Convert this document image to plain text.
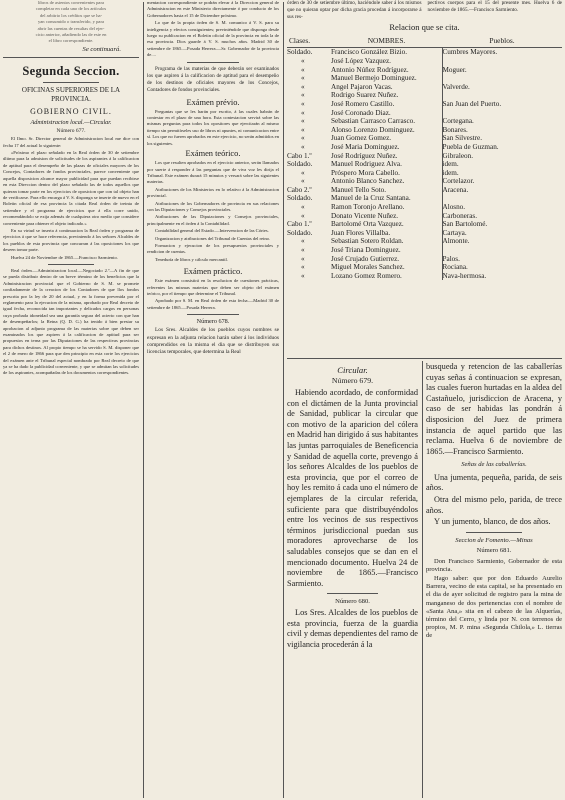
libros de asientos convenientes para
completar en cada uno de los artículos
del arbitrio los créditos que se ha-
yan consumido o transferido, y para
abrir las cuentas de resultas del ejer-
cicio anterior, añadiendo las de este en
el libro correspondiente.
Se continuará.
Segunda Seccion.
OFICINAS SUPERIORES DE LA PROVINCIA.
GOBIERNO CIVIL.
Administracion local.—Circular.
Número 677.

El Ilmo. Sr. Director general de Administracion local me dice con fecha 17 del actual lo siguiente:

«Próximo el plazo señalado en la Real órden de 30 de setiembre último para la admision de solicitudes de los aspirantes á la calificacion de aptitud para el desempeño de las plazas de oficiales mayores de los Concejos, Contadores de fondos provinciales, parece conveniente que aquella disposicion alcance mayor publicidad para que puedan recibirse en esta Direccion dentro del plazo señalado las de todos aquellos que quieran tomar parte en los ejercicios de oposicion que con tal objeto han de verificarse. Para ello encarga á V. S. disponga se inserte de nuevo en el Boletin oficial de esa provincia la citada Real órden de treinta de setiembre y el programa de ejercicios que á ella corre unido, recomendándolo se exija además de cualquiera otro medio que considere conveniente para obtener el objeto indicado.»

En su virtud se inserta á continuacion la Real órden y programa de ejercicios á que se hace referencia, previniendo á los señores Alcaldes de los pueblos de esta provincia que concurran á las oposiciones los que deseen tomar parte.

Huelva 24 de Noviembre de 1865.—Francisco Sarmiento.

Real órden.—Administracion local.—Negociado 2.º—A fin de que se pueda distribuir dentro de un breve término de los beneficios que la Administracion provincial que el Gobierno de S. M. se promete confiadamente de la creacion de los Contadores de que llos fondos prescrita por la ley de 20 del actual, y en la forma prevenida por el reglamento para la ejecucion de la misma, aprobado por Real decreto de igual fecha, reconocida tan importantes y delicados cargos en personas cuya probada idoneidad sea una garantía segura del acierto con que han de desempeñarlos; la Reina (Q. D. G.) ha tenido á bien prestar su aprobacion al adjunto programa de las materias sobre que deben ser examinados los que aspiren á la calificacion de aptitud para ser propuestos en terna por las Diputaciones de las respectivas provincias para dichos destinos. Al propio tiempo se ha servido S. M. disponer que el 2 de enero de 1866 para que den principio en esta corte los ejercicios del exámen ante el Tribunal especial nombrado por Real decreto de que ya se ha dado la publicidad conveniente, y que se admitan las solicitudes de los aspirantes, acompañadas de los documentos correspondientes.

mentacion correspondiente se podrán elevar á la Direccion general de Administracion en este Ministerio directamente ó por conducto de los Gobernadores hasta el 15 de Diciembre próximo.

Lo que de la propia órden de S. M. comunico á V. S. para su inteligencia y efectos consiguientes; previniéndole que disponga desde luego su publicacion en el Boletin oficial de la provincia en toda la de esa provincia. Dios guarde á V. S. muchos años. Madrid 30 de setiembre de 1865.—Posada Herrera.—Sr. Gobernador de la provincia de....

Programa de las materias de que deberán ser examinados los que aspiren á la calificacion de aptitud para el desempeño de los destinos de oficiales mayores de los Concejos, Contadores de fondos provinciales.

Exámen prévio.

Preguntas que se les harán por escrito, á las cuales habrán de contestar en el plazo de una hora. Esta contestacion servirá sobre las mismas preguntas para todos los opositores que ejercitarán al mismo tiempo sin permitírseles uso de libros ni apuntes, ni comunicacion entre sí. Los que no fueren aprobados en este ejercicio, no serán admitidos en los siguientes.

Exámen teórico.

Los que resulten aprobados en el ejercicio anterior, serán llamados por suerte á responder á las preguntas que de viva voz les dirija el Tribunal. Este exámen durará 15 minutos y versará sobre las siguientes materias.

Atribuciones de los Ministerios en lo relativo á la Administracion provincial.

Atribuciones de los Gobernadores de provincia en sus relaciones con las Diputaciones y Consejos provinciales.

Atribuciones de las Diputaciones y Consejos provinciales, principalmente en el órden á la Contabilidad.

Contabilidad general del Estado.—Intervencion de las Córtes.

Organizacion y atribuciones del Tribunal de Cuentas del reino.

Formacion y ejecucion de los presupuestos provinciales y rendicion de cuentas.

Teneduría de libros y cálculo mercantil.

Exámen práctico.

Este exámen consistirá en la resolucion de cuestiones prácticas, referentes las mismas materias que deben ser objeto del exámen teórico, por el tiempo que determine el Tribunal.

Aprobado por S. M. en Real órden de esta fecha.—Madrid 30 de setiembre de 1865.—Posada Herrera.

Número 678.

Los Sres. Alcaldes de los pueblos cuyos nombres se expresan en la adjunta relacion harán saber á los individuos comprendidos en la misma el dia que se distribuyen sus licencias temporales, que determina la Real

órden de 30 de setiembre último, haciéndole saber á los mismos que no quieran optar por dicha gracia procedan á incorporarse á sus res-
pectivos cuerpos para el 15 del presente mes. Huelva 6 de noviembre de 1865.—Francisco Sarmiento.
Relacion que se cita.
Clases.	NOMBRES.	Pueblos.
Soldado.	Francisco González Bizio.	Cumbres Mayores.
«	José López Vazquez.	
«	Antonio Núñez Rodríguez.	Moguer.
«	Manuel Bermejo Dominguez.	
«	Angel Pajaron Vacas.	Valverde.
«	Rodrigo Suarez Nuñez.	
«	José Romero Castillo.	San Juan del Puerto.
«	José Coronado Diaz.	
«	Sebastian Carrasco Carrasco.	Cortegana.
«	Alonso Lorenzo Dominguez.	Bonares.
«	Juan Gomez Gomez.	San Silvestre.
«	José Maria Dominguez.	Puebla de Guzman.
Cabo 1.º	José Rodríguez Nuñez.	Gibraleon.
Soldado.	Manuel Rodriguez Alva.	idem.
«	Próspero Mora Cabello.	idem.
«	Antonio Blanco Sanchez.	Cortelazor.
Cabo 2.º	Manuel Tello Soto.	Aracena.
Soldado.	Manuel de la Cruz Santana.	
«	Ramon Toronjo Arellano.	Alosno.
«	Donato Vicente Nuñez.	Carboneras.
Cabo 1.º	Bartolomé Orta Vazquez.	San Bartolomé.
Soldado.	Juan Flores Villalba.	Cartaya.
«	Sebastian Sotero Roldan.	Almonte.
«	José Triana Dominguez.	
«	José Crujado Gutierrez.	Palos.
«	Miguel Morales Sanchez.	Rociana.
«	Lozano Gomez Romero.	Nava-hermosa.
Circular.
Número 679.

Habiendo acordado, de conformidad con el dictámen de la Junta provincial de Sanidad, publicar la circular que con motivo de la aparicion del cólera en Madrid han dirigido á sus habitantes las juntas parroquiales de Beneficencia y Sanidad de aquella corte, prevengo á los señores Alcaldes de los pueblos de esta provincia, que por el correo de hoy les remito á cada uno el número de ejemplares de la circular referida, suficiente para que distribuyéndolos entre los vecinos de sus respectivos términos jurisdiccional puedan sus moradores aprovecharse de los saludables consejos que se dan en el mencionado documento. Huelva 24 de noviembre de 1865.—Francisco Sarmiento.

Número 680.

Los Sres. Alcaldes de los pueblos de esta provincia, fuerza de la guardia civil y demas dependientes del ramo de vigilancia procederán á la

busqueda y retencion de las caballerías cuyas señas á continuacion se expresan, las cuales fueron hurtadas en la aldea del Castañuelo, jurisdiccion de Aracena, y caso de ser habidas las pondrán á disposicion del Juez de primera instancia de aquel partido que las reclama. Huelva 6 de noviembre de 1865.—Francisco Sarmiento.

Señas de las caballerías.

Una jumenta, pequeña, parida, de seis años.

Otra del mismo pelo, parida, de trece años.

Y un jumento, blanco, de dos años.

Seccion de Fomento.—Minas
Número 681.

Don Francisco Sarmiento, Gobernador de esta provincia.

Hago saber: que por don Eduardo Aurelio Barrera, vecino de esta capital, se ha presentado en el dia de ayer solicitud de registro para la mina de manganeso de dos pertenencias con el nombre de «Santa Ana,» sita en el cabezo de las Alquerías, término del Cerro, y linda por N. con terrenos de propios, M. P. mina «Segunda Chilola,» L. tierras de
